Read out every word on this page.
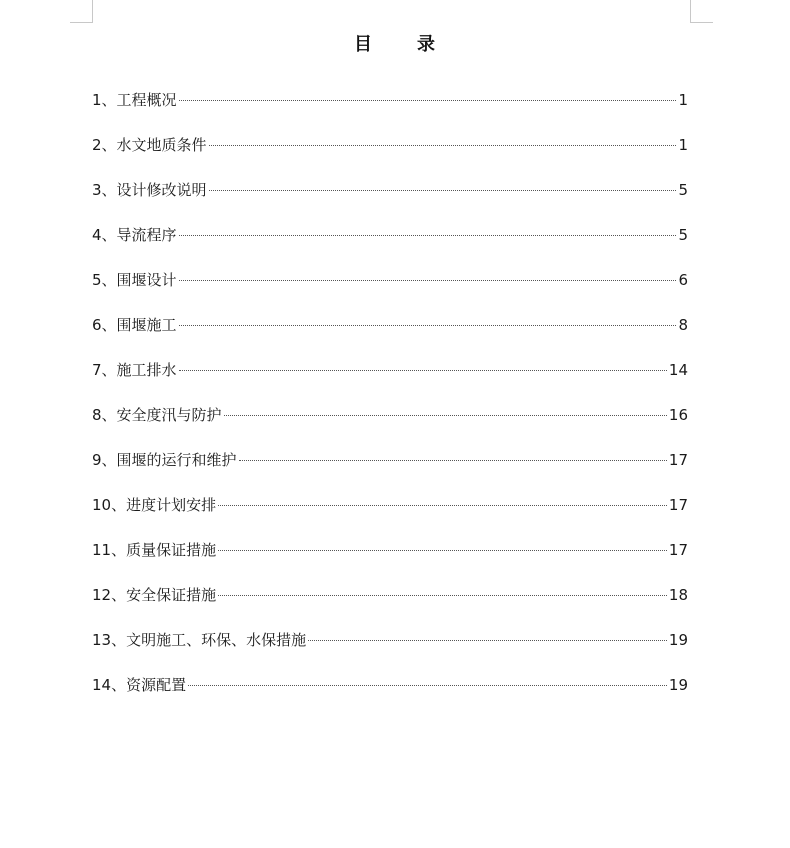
目 录
1、工程概况	1
2、水文地质条件	1
3、设计修改说明	5
4、导流程序	5
5、围堰设计	6
6、围堰施工	8
7、施工排水	14
8、安全度汛与防护	16
9、围堰的运行和维护	17
10、进度计划安排	17
11、质量保证措施	17
12、安全保证措施	18
13、文明施工、环保、水保措施	19
14、资源配置	19
